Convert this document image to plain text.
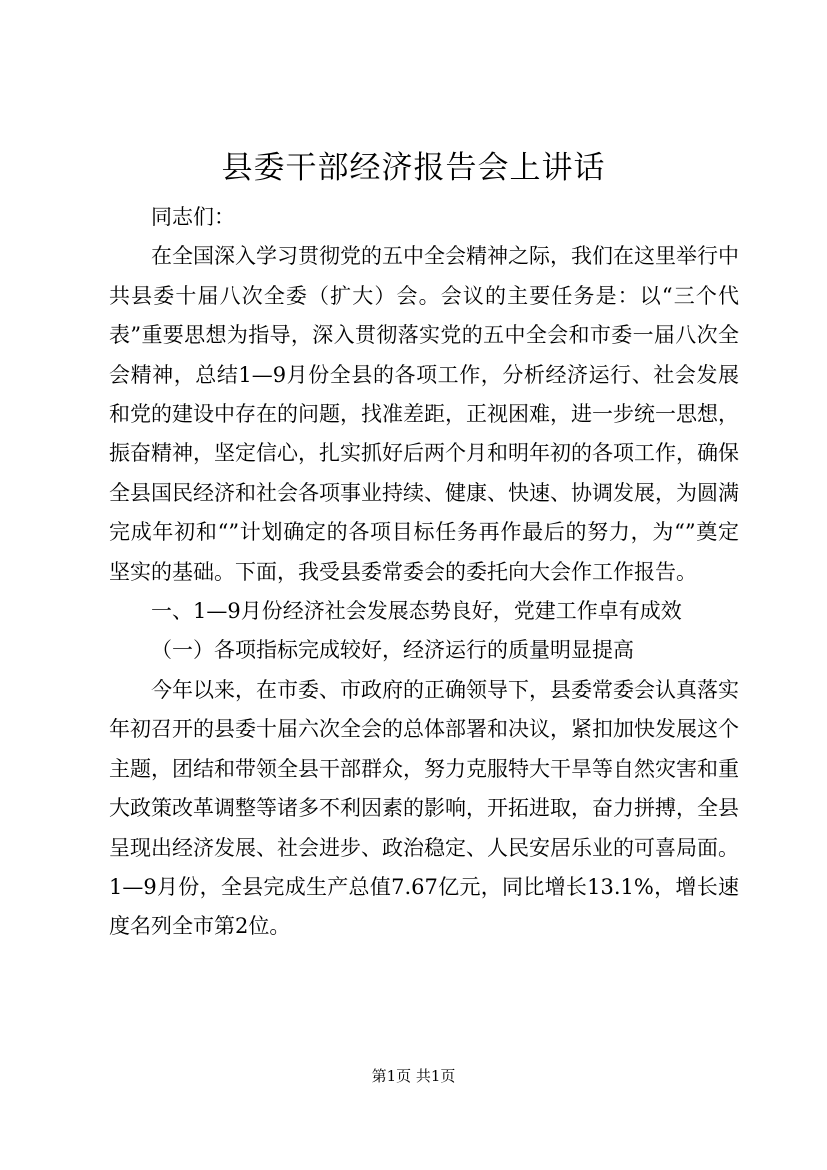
县委干部经济报告会上讲话

同志们：

在全国深入学习贯彻党的五中全会精神之际，我们在这里举行中共县委十届八次全委（扩大）会。会议的主要任务是：以“三个代表”重要思想为指导，深入贯彻落实党的五中全会和市委一届八次全会精神，总结1—9月份全县的各项工作，分析经济运行、社会发展和党的建设中存在的问题，找准差距，正视困难，进一步统一思想，振奋精神，坚定信心，扎实抓好后两个月和明年初的各项工作，确保全县国民经济和社会各项事业持续、健康、快速、协调发展，为圆满完成年初和“”计划确定的各项目标任务再作最后的努力，为“”奠定坚实的基础。下面，我受县委常委会的委托向大会作工作报告。

一、1—9月份经济社会发展态势良好，党建工作卓有成效

（一）各项指标完成较好，经济运行的质量明显提高

今年以来，在市委、市政府的正确领导下，县委常委会认真落实年初召开的县委十届六次全会的总体部署和决议，紧扣加快发展这个主题，团结和带领全县干部群众，努力克服特大干旱等自然灾害和重大政策改革调整等诸多不利因素的影响，开拓进取，奋力拼搏，全县呈现出经济发展、社会进步、政治稳定、人民安居乐业的可喜局面。1—9月份，全县完成生产总值7.67亿元，同比增长13.1%，增长速度名列全市第2位。

第1页 共1页
